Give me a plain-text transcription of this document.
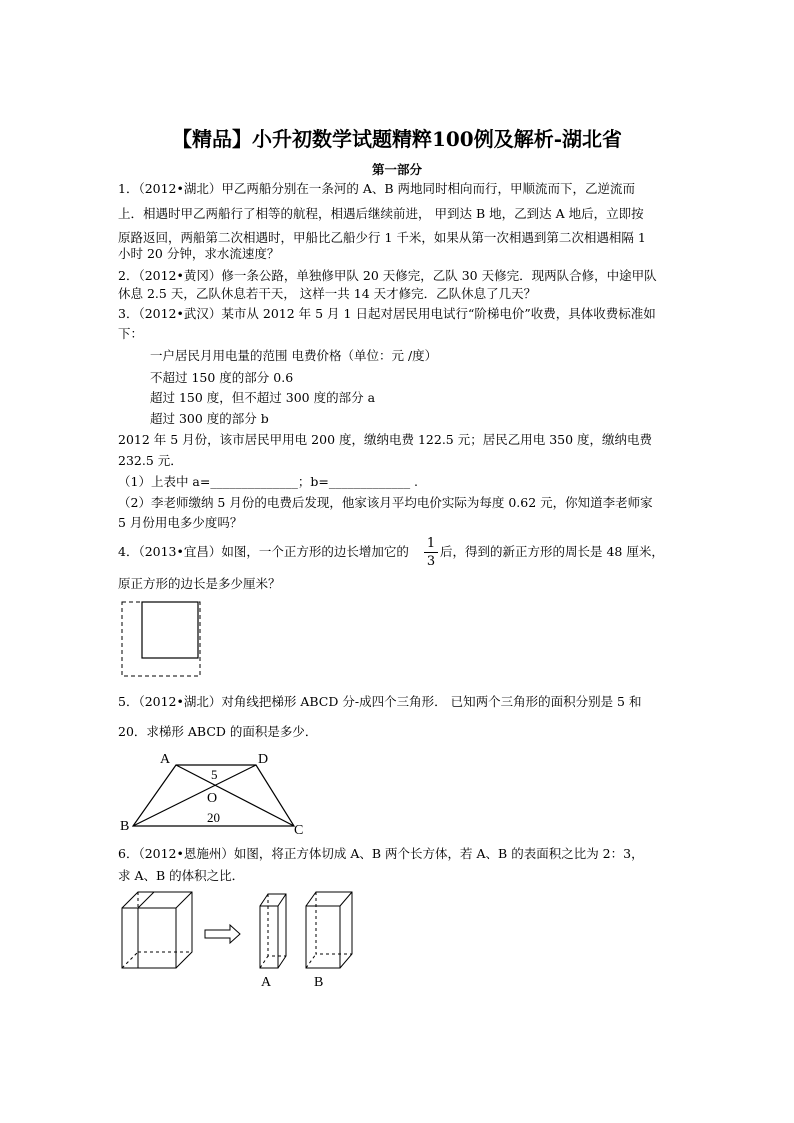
【精品】小升初数学试题精粹100例及解析-湖北省
第一部分
1．（2012•湖北）甲乙两船分别在一条河的 A、B 两地同时相向而行，甲顺流而下，乙逆流而
上．相遇时甲乙两船行了相等的航程，相遇后继续前进， 甲到达 B 地，乙到达 A 地后，立即按
原路返回，两船第二次相遇时，甲船比乙船少行 1 千米，如果从第一次相遇到第二次相遇相隔 1
小时 20 分钟，求水流速度？
2．（2012•黄冈）修一条公路，单独修甲队 20 天修完，乙队 30 天修完．现两队合修，中途甲队
休息 2.5 天，乙队休息若干天， 这样一共 14 天才修完．乙队休息了几天？
3．（2012•武汉）某市从 2012 年 5 月 1 日起对居民用电试行“阶梯电价”收费，具体收费标准如
下：
一户居民月用电量的范围 电费价格（单位：元 /度）
不超过 150 度的部分 0.6
超过 150 度，但不超过 300 度的部分 a
超过 300 度的部分 b
2012 年 5 月份，该市居民甲用电 200 度，缴纳电费 122.5 元；居民乙用电 350 度，缴纳电费
232.5 元．
（1）上表中 a=______________；b=_____________ .
（2）李老师缴纳 5 月份的电费后发现，他家该月平均电价实际为每度 0.62 元，你知道李老师家
5 月份用电多少度吗？
4．（2013•宜昌）如图，一个正方形的边长增加它的
1
3
后，得到的新正方形的周长是 48 厘米，
原正方形的边长是多少厘米？
5．（2012•湖北）对角线把梯形 ABCD 分-成四个三角形． 已知两个三角形的面积分别是 5 和
20．求梯形 ABCD 的面积是多少．
A	D
B	C
O
5
20
6．（2012•恩施州）如图，将正方体切成 A、B 两个长方体，若 A、B 的表面积之比为 2：3，
求 A、B 的体积之比．
A	B
